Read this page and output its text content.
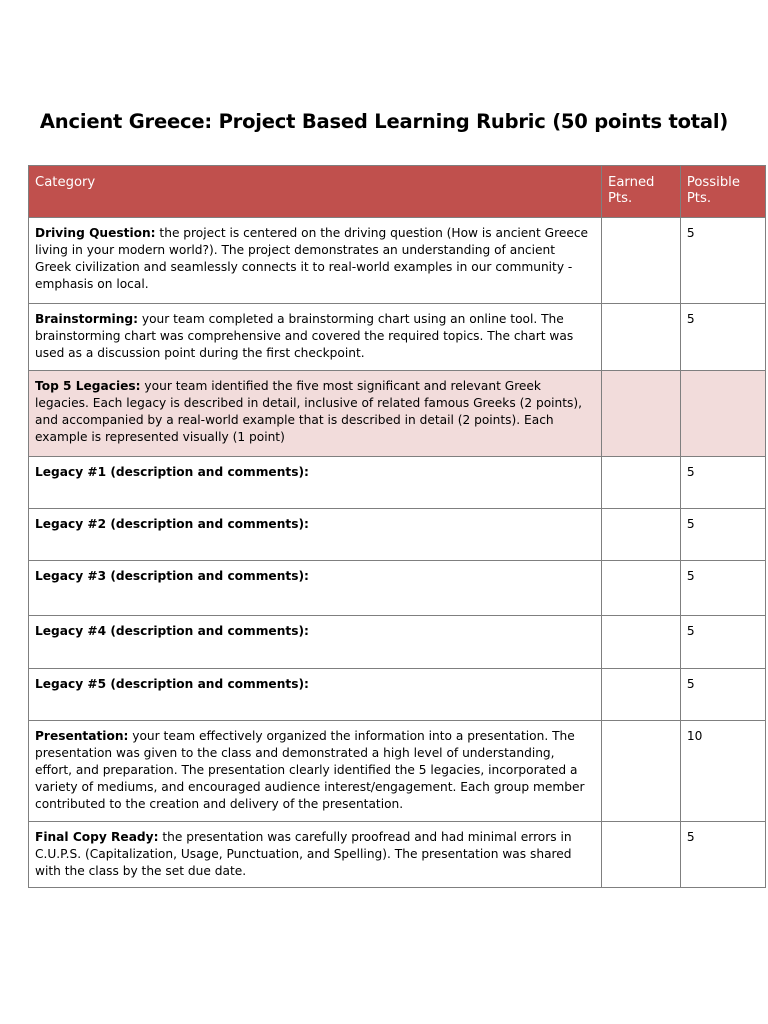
Ancient Greece: Project Based Learning Rubric (50 points total)
Category	Earned Pts.	Possible Pts.
Driving Question: the project is centered on the driving question (How is ancient Greece living in your modern world?). The project demonstrates an understanding of ancient Greek civilization and seamlessly connects it to real-world examples in our community - emphasis on local.		5
Brainstorming: your team completed a brainstorming chart using an online tool. The brainstorming chart was comprehensive and covered the required topics. The chart was used as a discussion point during the first checkpoint.		5
Top 5 Legacies: your team identified the five most significant and relevant Greek legacies. Each legacy is described in detail, inclusive of related famous Greeks (2 points), and accompanied by a real-world example that is described in detail (2 points). Each example is represented visually (1 point)		
Legacy #1 (description and comments):		5
Legacy #2 (description and comments):		5
Legacy #3 (description and comments):		5
Legacy #4 (description and comments):		5
Legacy #5 (description and comments):		5
Presentation: your team effectively organized the information into a presentation. The presentation was given to the class and demonstrated a high level of understanding, effort, and preparation. The presentation clearly identified the 5 legacies, incorporated a variety of mediums, and encouraged audience interest/engagement. Each group member contributed to the creation and delivery of the presentation.		10
Final Copy Ready: the presentation was carefully proofread and had minimal errors in C.U.P.S. (Capitalization, Usage, Punctuation, and Spelling). The presentation was shared with the class by the set due date.		5
